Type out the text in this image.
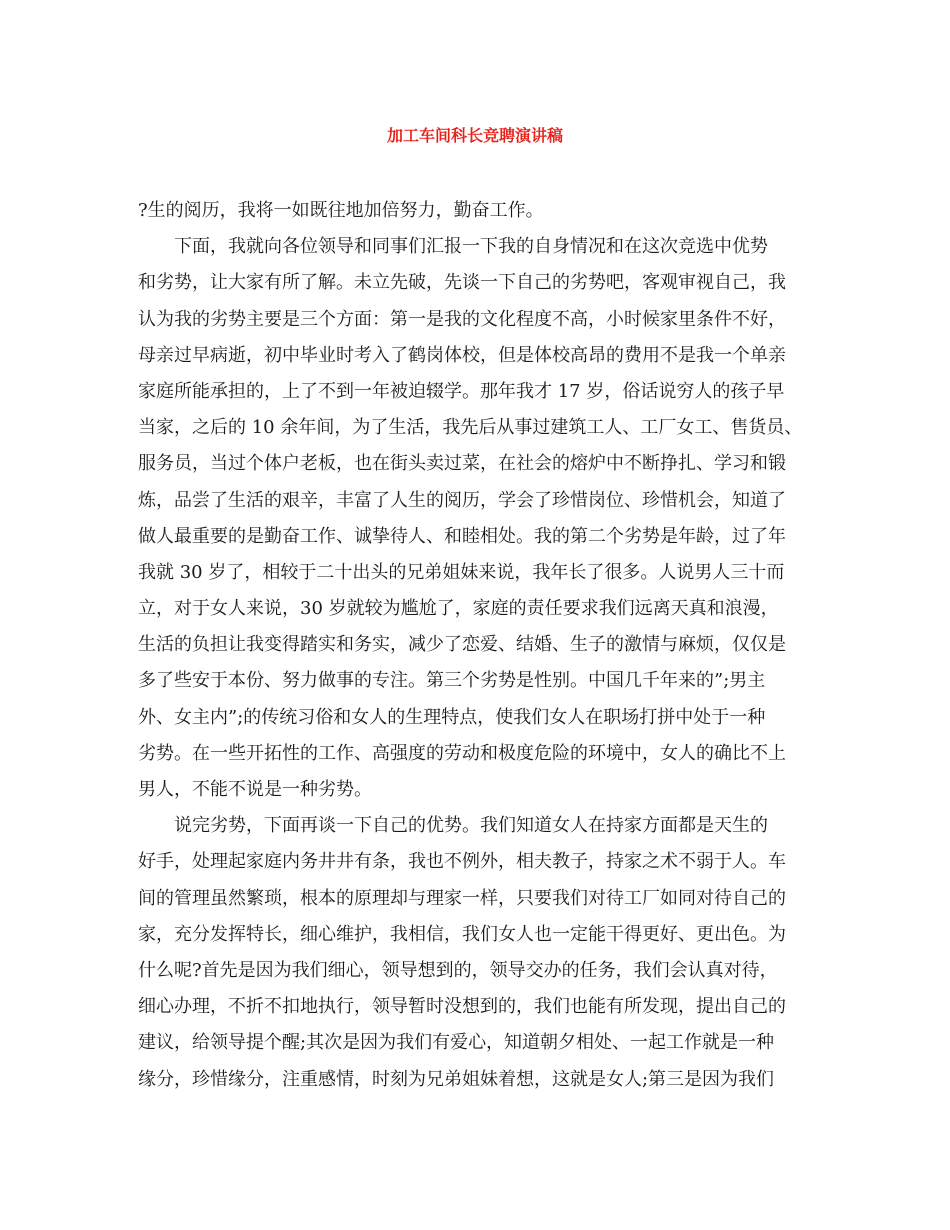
加工车间科长竞聘演讲稿
?生的阅历，我将一如既往地加倍努力，勤奋工作。
　　下面，我就向各位领导和同事们汇报一下我的自身情况和在这次竞选中优势
和劣势，让大家有所了解。未立先破，先谈一下自己的劣势吧，客观审视自己，我
认为我的劣势主要是三个方面：第一是我的文化程度不高，小时候家里条件不好，
母亲过早病逝，初中毕业时考入了鹤岗体校，但是体校高昂的费用不是我一个单亲
家庭所能承担的，上了不到一年被迫辍学。那年我才 17 岁，俗话说穷人的孩子早
当家，之后的 10 余年间，为了生活，我先后从事过建筑工人、工厂女工、售货员、
服务员，当过个体户老板，也在街头卖过菜，在社会的熔炉中不断挣扎、学习和锻
炼，品尝了生活的艰辛，丰富了人生的阅历，学会了珍惜岗位、珍惜机会，知道了
做人最重要的是勤奋工作、诚挚待人、和睦相处。我的第二个劣势是年龄，过了年
我就 30 岁了，相较于二十出头的兄弟姐妹来说，我年长了很多。人说男人三十而
立，对于女人来说，30 岁就较为尴尬了，家庭的责任要求我们远离天真和浪漫，
生活的负担让我变得踏实和务实，减少了恋爱、结婚、生子的激情与麻烦，仅仅是
多了些安于本份、努力做事的专注。第三个劣势是性别。中国几千年来的”;男主
外、女主内”;的传统习俗和女人的生理特点，使我们女人在职场打拼中处于一种
劣势。在一些开拓性的工作、高强度的劳动和极度危险的环境中，女人的确比不上
男人，不能不说是一种劣势。
　　说完劣势，下面再谈一下自己的优势。我们知道女人在持家方面都是天生的
好手，处理起家庭内务井井有条，我也不例外，相夫教子，持家之术不弱于人。车
间的管理虽然繁琐，根本的原理却与理家一样，只要我们对待工厂如同对待自己的
家，充分发挥特长，细心维护，我相信，我们女人也一定能干得更好、更出色。为
什么呢?首先是因为我们细心，领导想到的，领导交办的任务，我们会认真对待，
细心办理，不折不扣地执行，领导暂时没想到的，我们也能有所发现，提出自己的
建议，给领导提个醒;其次是因为我们有爱心，知道朝夕相处、一起工作就是一种
缘分，珍惜缘分，注重感情，时刻为兄弟姐妹着想，这就是女人;第三是因为我们
